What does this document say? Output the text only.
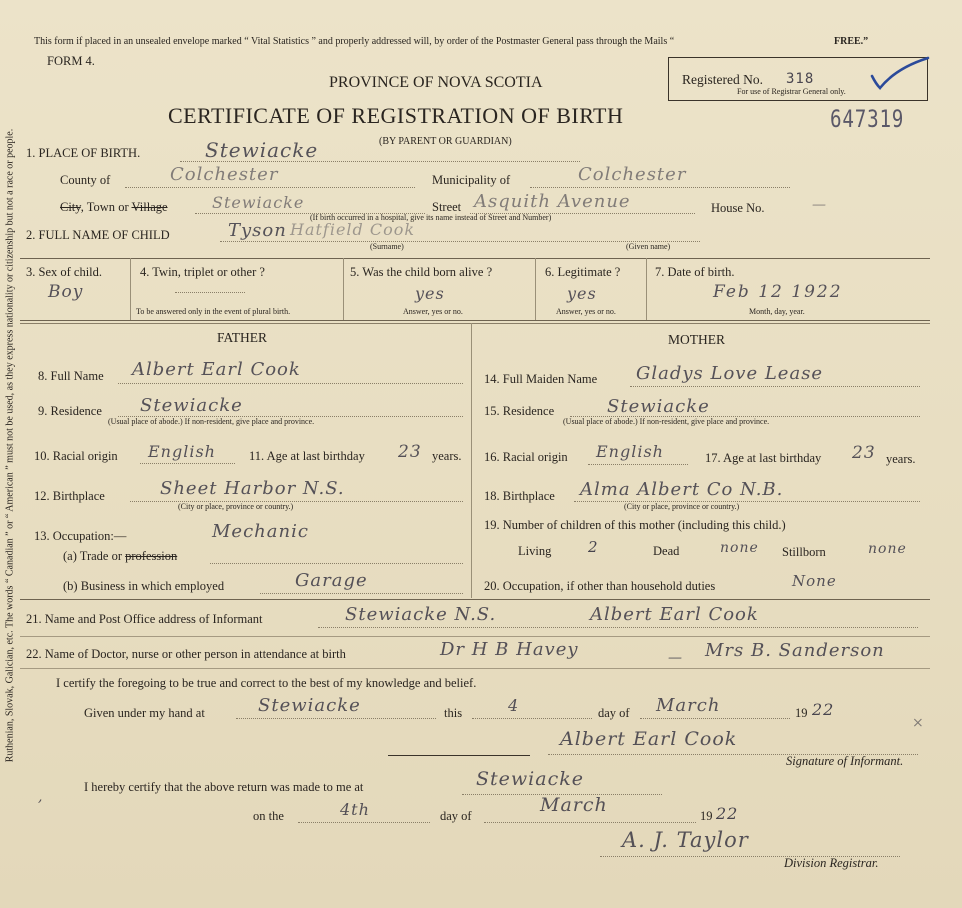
Ruthenian, Slovak, Galician, etc. The words “ Canadian ” or “ American ” must not be used, as they express nationality or citizenship but not a race or people.
This form if placed in an unsealed envelope marked “ Vital Statistics ” and properly addressed will, by order of the Postmaster General pass through the Mails “	FREE.”
FORM 4.
Registered No. 318
For use of Registrar General only.
647319
PROVINCE OF NOVA SCOTIA
CERTIFICATE OF REGISTRATION OF BIRTH
(BY PARENT OR GUARDIAN)
1. PLACE OF BIRTH.	Stewiacke
County of	Colchester	Municipality of	Colchester
City, Town or Village	Stewiacke	Street Asquith Avenue	House No.	—
(If birth occurred in a hospital, give its name instead of Street and Number)
2. FULL NAME OF CHILD	Tyson Hatfield Cook
(Surname)	(Given name)
3. Sex of child.
Boy
4. Twin, triplet or other ?
To be answered only in the event of plural birth.
5. Was the child born alive ?
yes
Answer, yes or no.
6. Legitimate ?
yes
Answer, yes or no.
7. Date of birth.
Feb 12 1922
Month, day, year.
FATHER
8. Full Name Albert Earl Cook
9. Residence Stewiacke
(Usual place of abode.) If non-resident, give place and province.
10. Racial origin English	11. Age at last birthday 23 years.
12. Birthplace	Sheet Harbor N.S.
(City or place, province or country.)
13. Occupation:—	Mechanic
(a) Trade or profession
(b) Business in which employed	Garage
MOTHER
14. Full Maiden Name Gladys Love Lease
15. Residence	Stewiacke
(Usual place of abode.) If non-resident, give place and province.
16. Racial origin English	17. Age at last birthday 23 years.
18. Birthplace Alma Albert Co N.B.
(City or place, province or country.)
19. Number of children of this mother (including this child.)
Living 2	Dead	none Stillborn	none
20. Occupation, if other than household duties	None
21. Name and Post Office address of Informant	Stewiacke N.S.	Albert Earl Cook
22. Name of Doctor, nurse or other person in attendance at birth	Dr H B Havey	— Mrs B. Sanderson
I certify the foregoing to be true and correct to the best of my knowledge and belief.
Given under my hand at	Stewiacke	this	4	day of March	19 22
×
Albert Earl Cook
Signature of Informant.
I hereby certify that the above return was made to me at	Stewiacke
,
on the	4th	day of	March	19 22
A. J. Taylor
Division Registrar.
